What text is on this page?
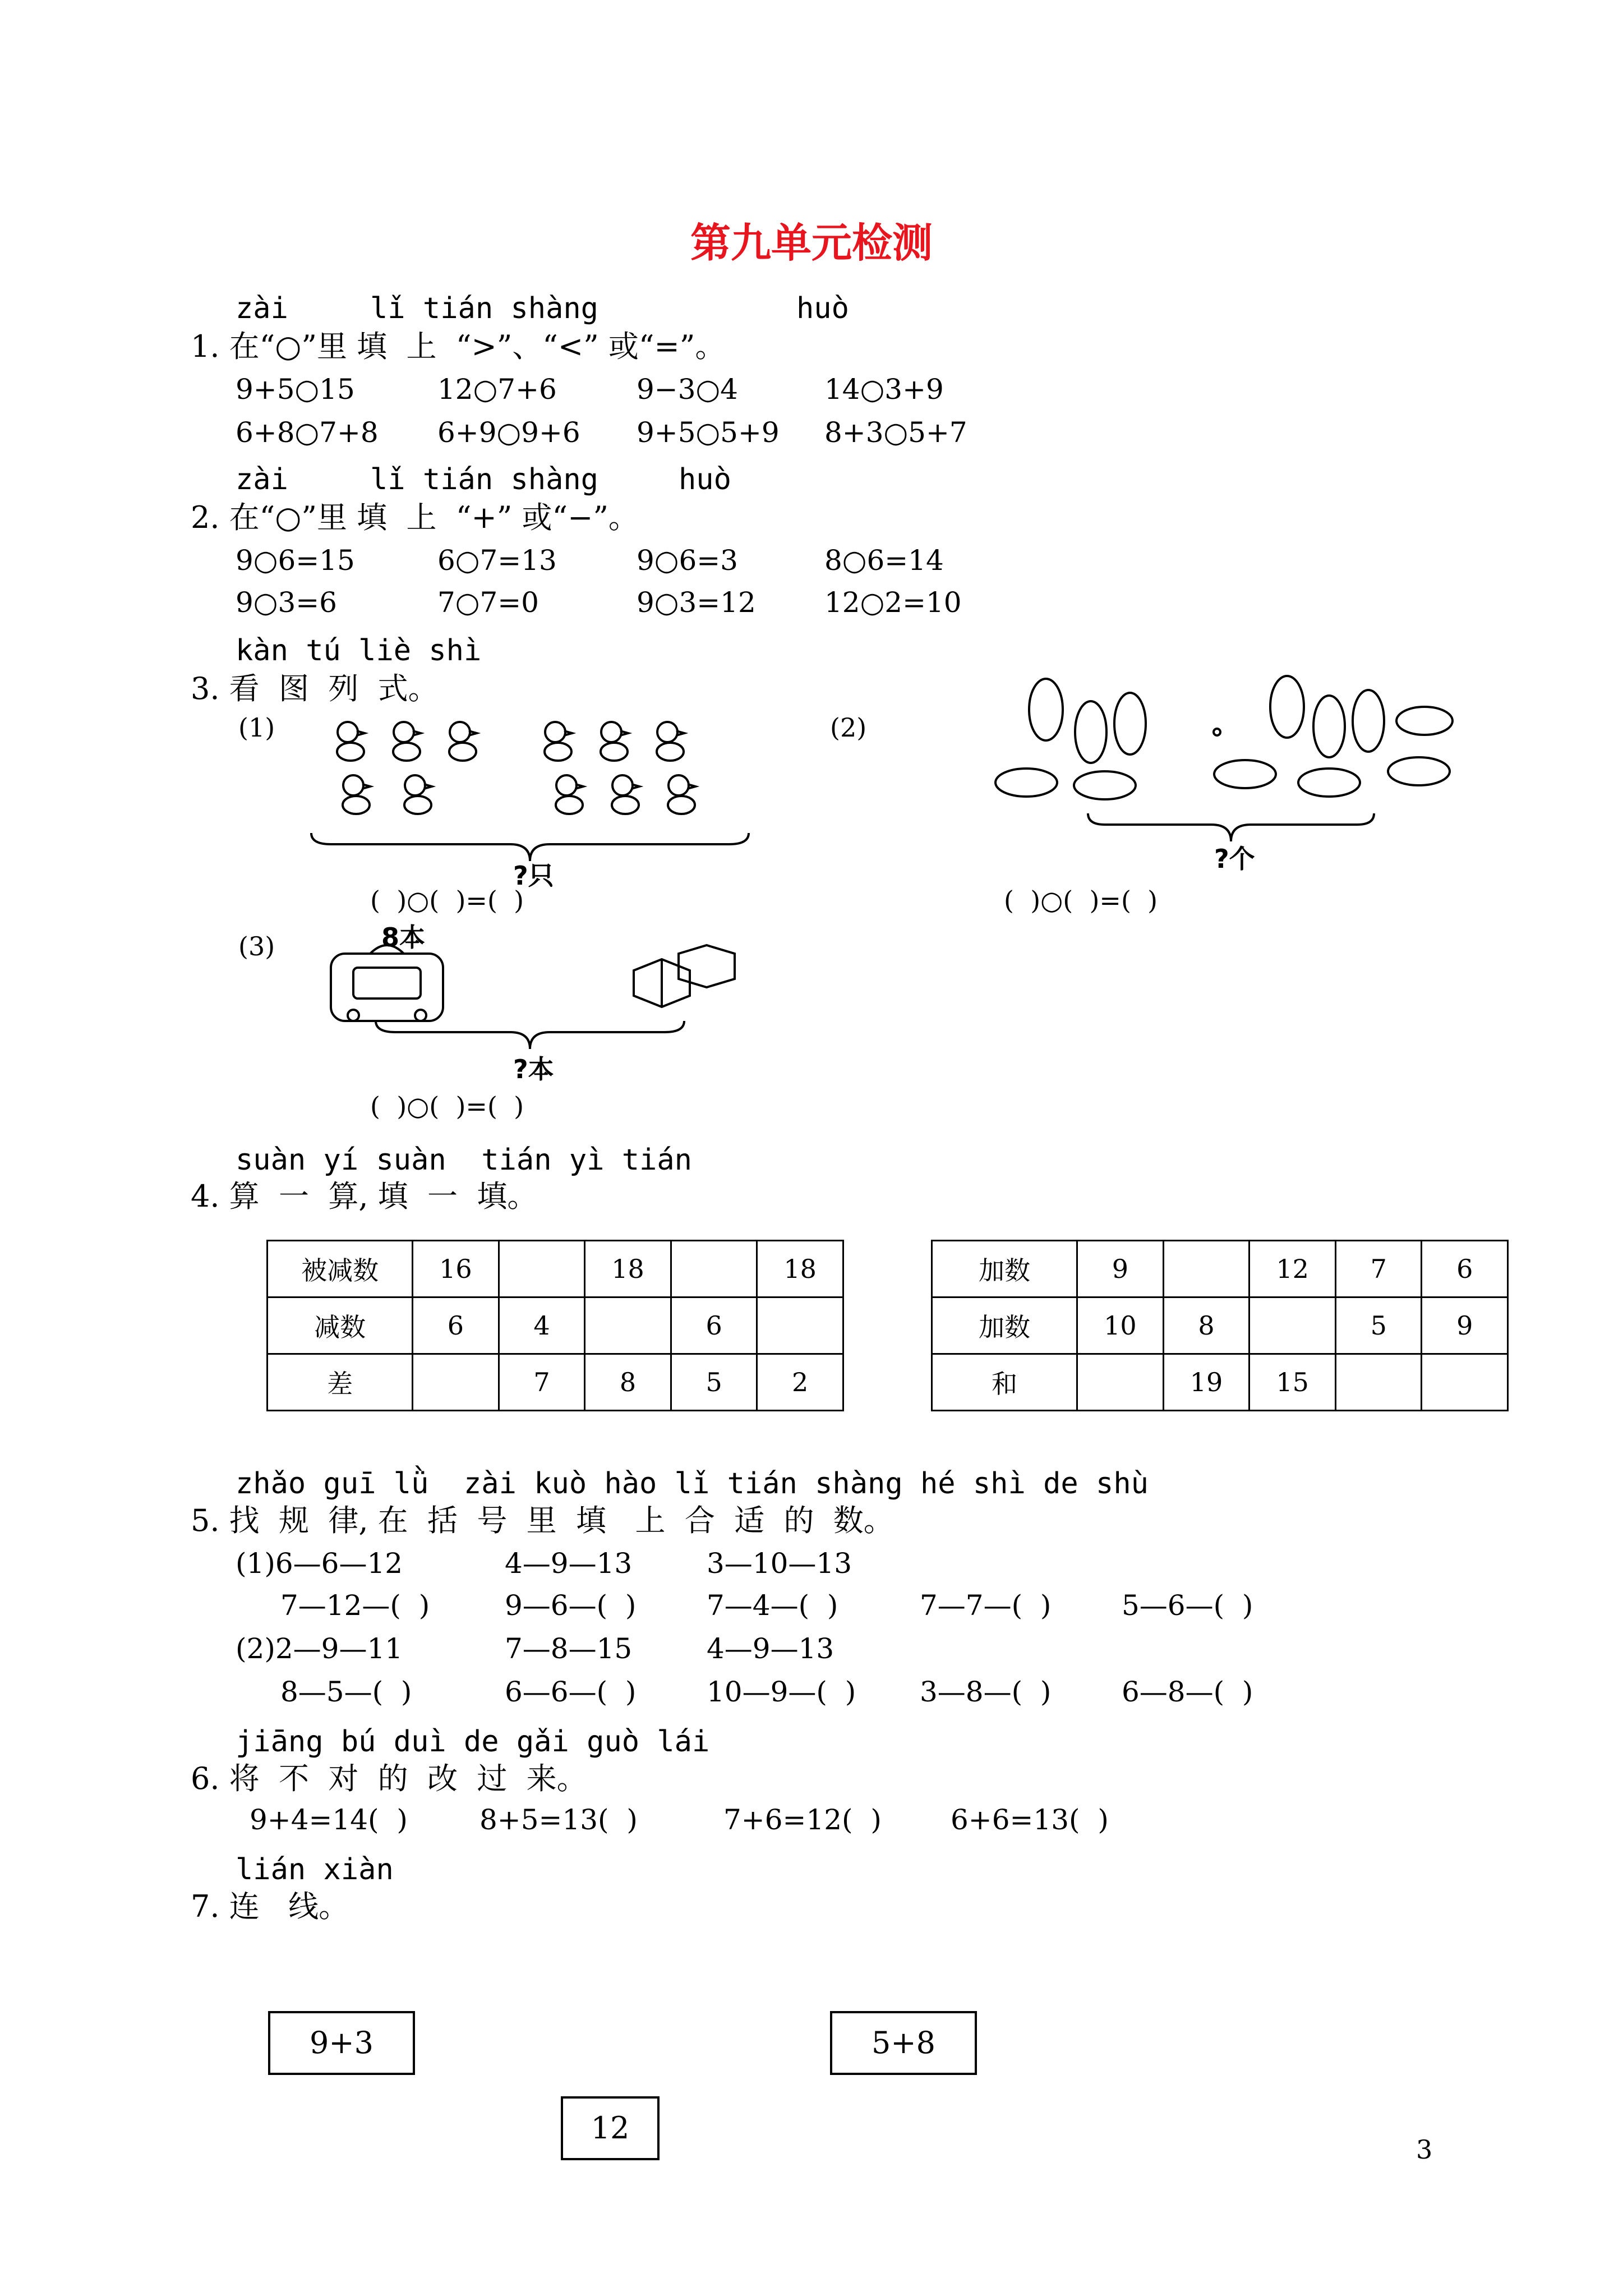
第九单元检测
zài	lǐ tián shàng	huò
1. 在“○”里 填  上  “>”、“<” 或“=”。
9+5○15	12○7+6	9−3○4	14○3+9
6+8○7+8 6+9○9+6 9+5○5+9 8+3○5+7
zài	lǐ tián shàng	huò
2. 在“○”里 填  上  “+” 或“−”。
9○6=15	6○7=13	9○6=3	8○6=14
9○3=6	7○7=0	9○3=12 12○2=10
kàn tú liè shì
3. 看  图  列  式。
(1)
?只
(  )○(  )=(  )
(2)
?个
(  )○(  )=(  )
(3)	8本
?本
(  )○(  )=(  )
suàn yí suàn  tián yì tián
4. 算  一  算, 填  一  填。
被减数	16		18		18
减数	6	4		6	
差		7	8	5	2
加数	9		12	7	6
加数	10	8		5	9
和		19	15		
zhǎo guī lǜ  zài kuò hào lǐ tián shàng hé shì de shù
5. 找  规  律, 在  括  号  里  填   上  合  适  的  数。
(1)6—6—12	4—9—13	3—10—13
7—12—(  )	9—6—(  )	7—4—(  )	7—7—(  )	5—6—(  )
(2)2—9—11	7—8—15	4—9—13
8—5—(  )	6—6—(  )	10—9—(  ) 3—8—(  )	6—8—(  )
jiāng bú duì de gǎi guò lái
6. 将  不  对  的  改  过  来。
9+4=14(  )	8+5=13(  )	7+6=12(  ) 6+6=13(  )
lián xiàn
7. 连   线。
9+3	5+8
12
3
